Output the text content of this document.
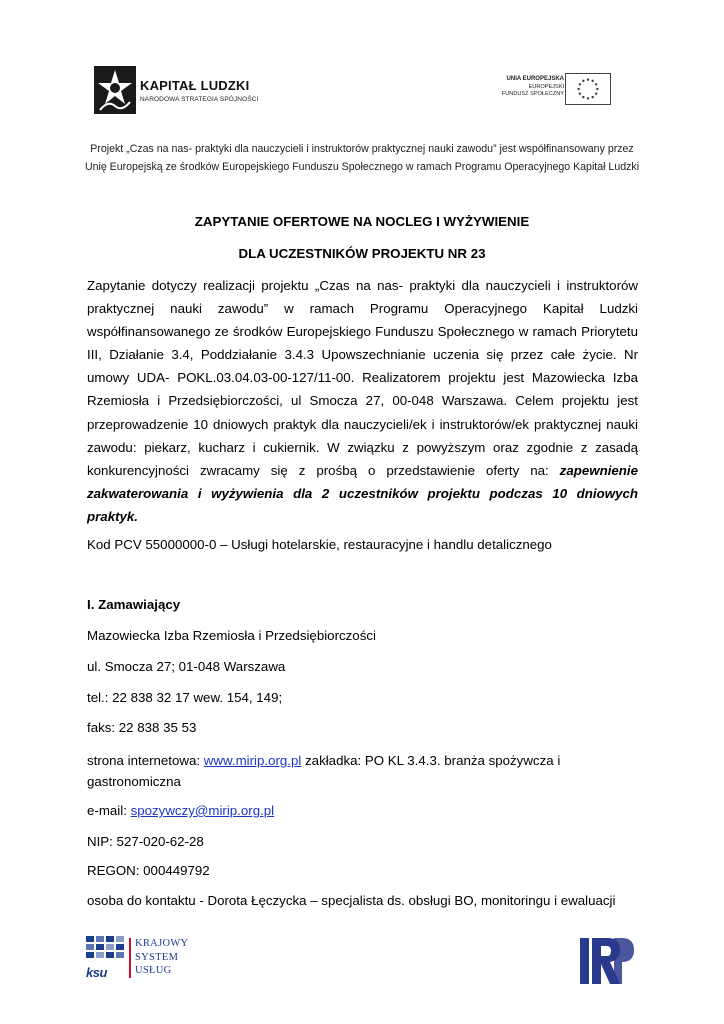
KAPITAŁ LUDZKI
NARODOWA STRATEGIA SPÓJNOŚCI
UNIA EUROPEJSKA
EUROPEJSKI
FUNDUSZ SPOŁECZNY
Projekt „Czas na nas- praktyki dla nauczycieli i instruktorów praktycznej nauki zawodu” jest współfinansowany przez Unię Europejską ze środków Europejskiego Funduszu Społecznego w ramach Programu Operacyjnego Kapitał Ludzki
ZAPYTANIE OFERTOWE NA NOCLEG I WYŻYWIENIE
DLA UCZESTNIKÓW PROJEKTU NR 23
Zapytanie dotyczy realizacji projektu „Czas na nas- praktyki dla nauczycieli i instruktorów praktycznej nauki zawodu” w ramach Programu Operacyjnego Kapitał Ludzki współfinansowanego ze środków Europejskiego Funduszu Społecznego w ramach Priorytetu III, Działanie 3.4, Poddziałanie 3.4.3 Upowszechnianie uczenia się przez całe życie. Nr umowy UDA- POKL.03.04.03-00-127/11-00. Realizatorem projektu jest Mazowiecka Izba Rzemiosła i Przedsiębiorczości, ul Smocza 27, 00-048 Warszawa. Celem projektu jest przeprowadzenie 10 dniowych praktyk dla nauczycieli/ek i instruktorów/ek praktycznej nauki zawodu: piekarz, kucharz i cukiernik. W związku z powyższym oraz zgodnie z zasadą konkurencyjności zwracamy się z prośbą o przedstawienie oferty na: zapewnienie zakwaterowania i wyżywienia dla 2 uczestników projektu podczas 10 dniowych praktyk.
Kod PCV 55000000-0 – Usługi hotelarskie, restauracyjne i handlu detalicznego
I. Zamawiający
Mazowiecka Izba Rzemiosła i Przedsiębiorczości
ul. Smocza 27; 01-048 Warszawa
tel.: 22 838 32 17 wew. 154, 149;
faks: 22 838 35 53
strona internetowa: www.mirip.org.pl zakładka: PO KL 3.4.3. branża spożywcza i gastronomiczna
e-mail: spozywczy@mirip.org.pl
NIP: 527-020-62-28
REGON: 000449792
osoba do kontaktu - Dorota Łęczycka – specjalista ds. obsługi BO, monitoringu i ewaluacji
ksu
KRAJOWY
SYSTEM
USŁUG
